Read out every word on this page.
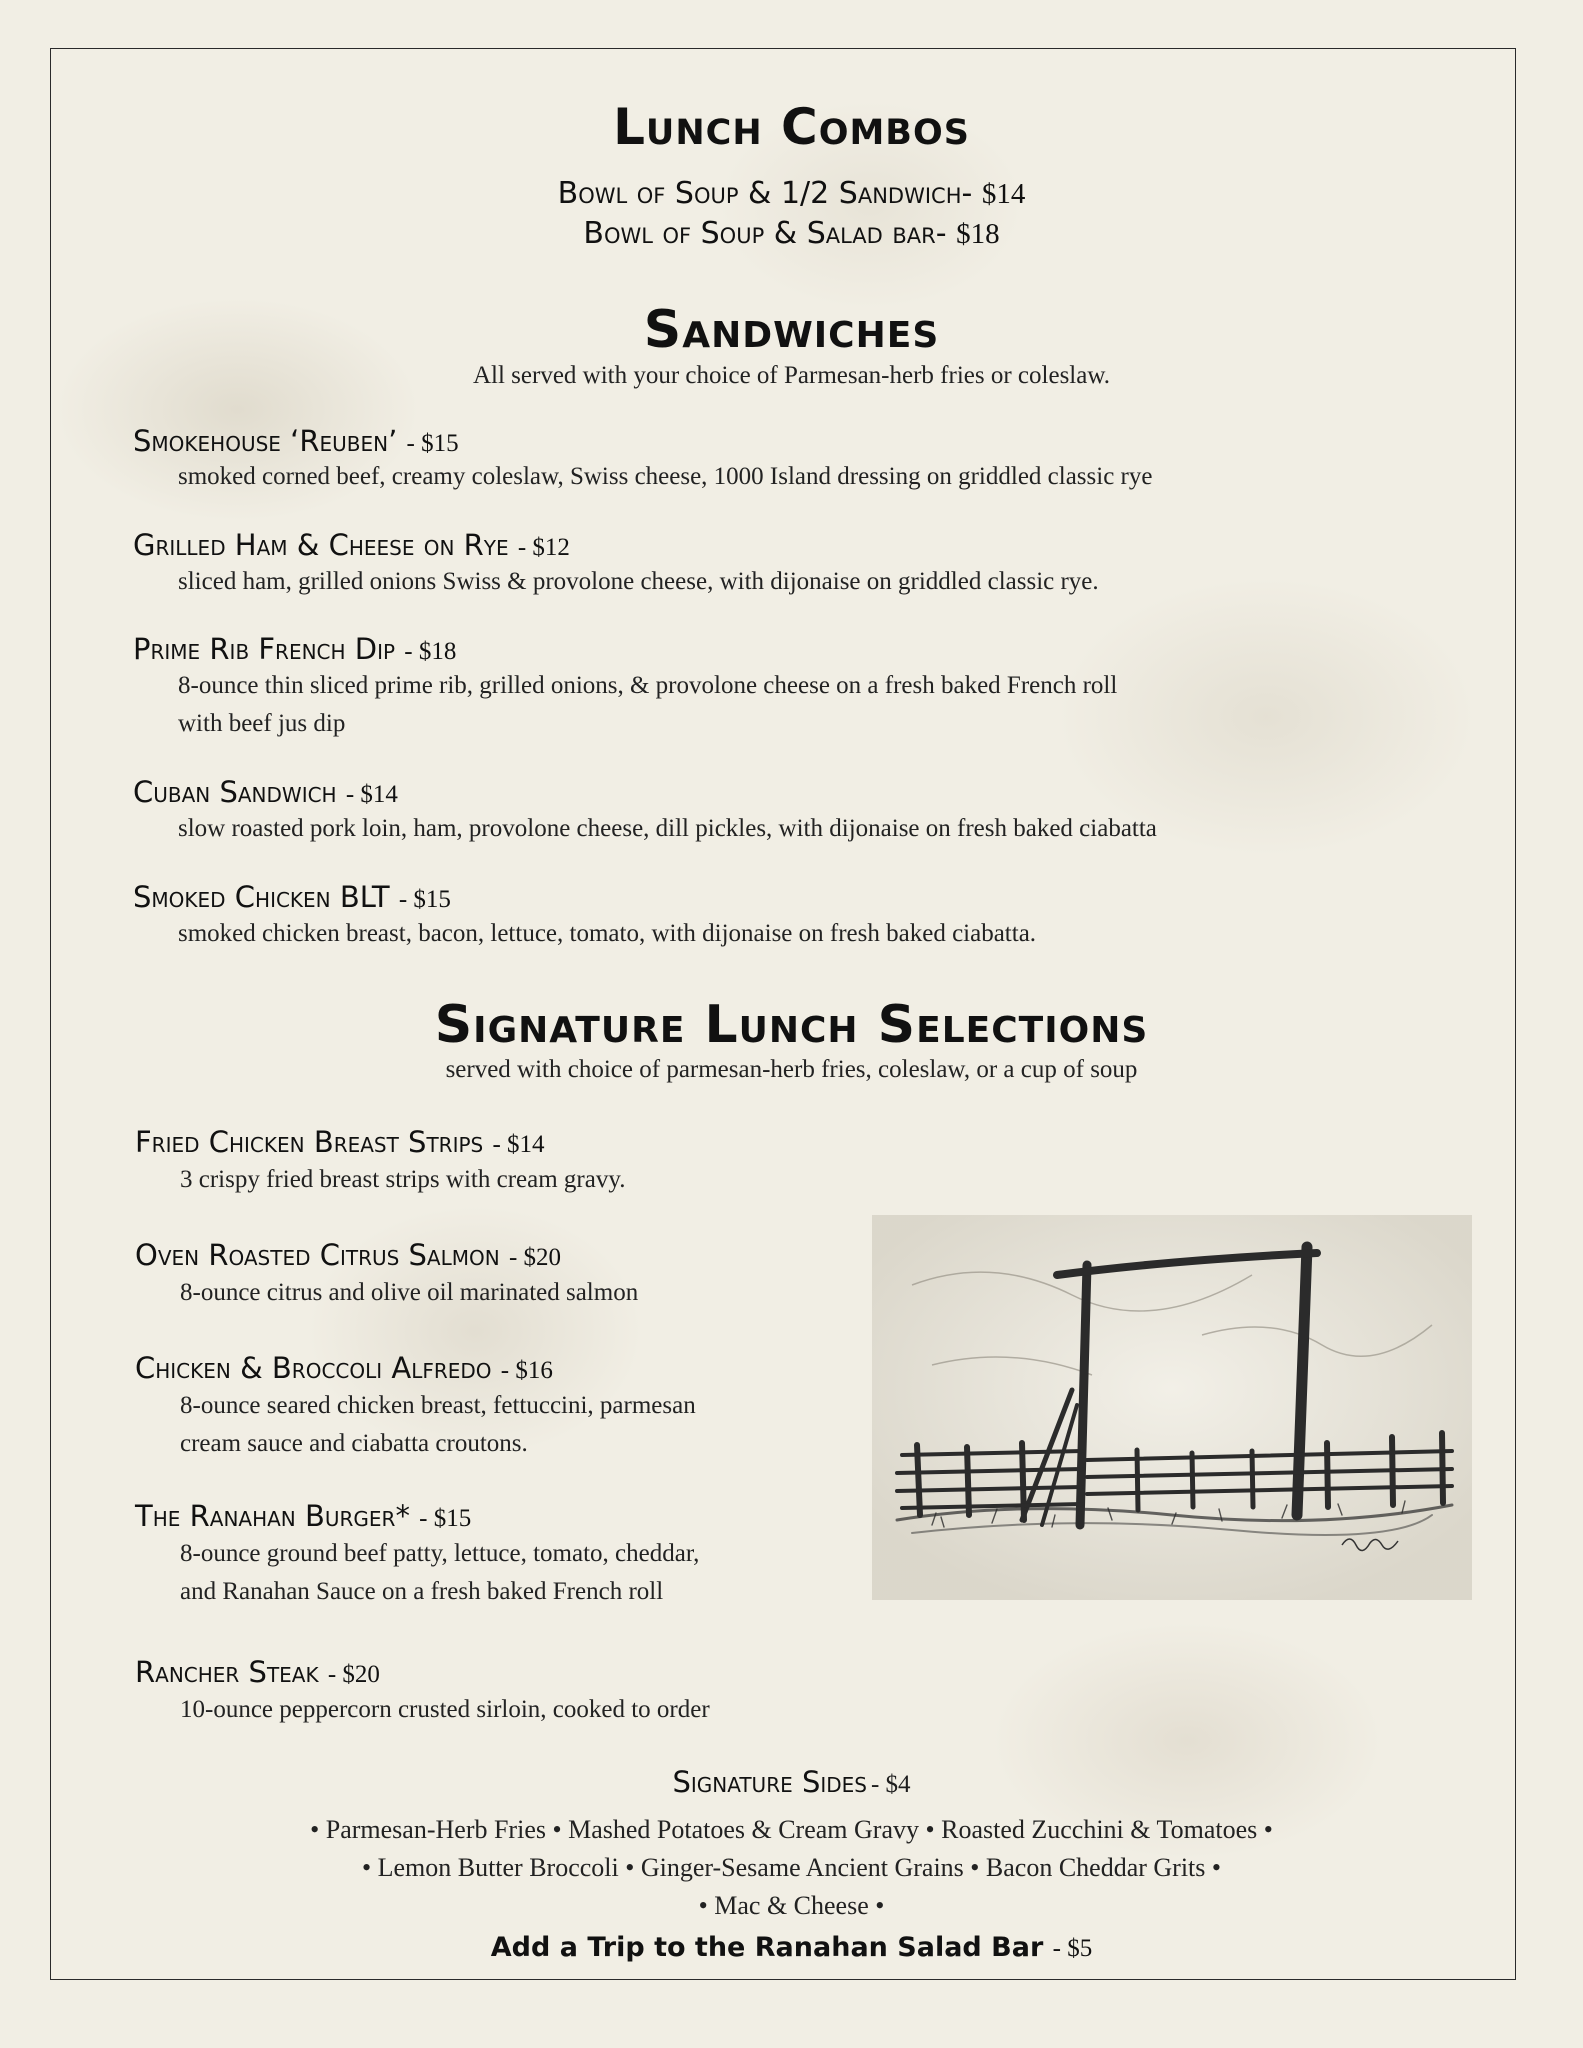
Lunch Combos
Bowl of Soup & 1/2 Sandwich- $14
Bowl of Soup & Salad bar- $18
Sandwiches
All served with your choice of Parmesan-herb fries or coleslaw.
Smokehouse ‘Reuben’ - $15
smoked corned beef, creamy coleslaw, Swiss cheese, 1000 Island dressing on griddled classic rye
Grilled Ham & Cheese on Rye - $12
sliced ham, grilled onions Swiss & provolone cheese, with dijonaise on griddled classic rye.
Prime Rib French Dip - $18
8-ounce thin sliced prime rib, grilled onions, & provolone cheese on a fresh baked French roll
with beef jus dip
Cuban Sandwich - $14
slow roasted pork loin, ham, provolone cheese, dill pickles, with dijonaise on fresh baked ciabatta
Smoked Chicken BLT - $15
smoked chicken breast, bacon, lettuce, tomato, with dijonaise on fresh baked ciabatta.
Signature Lunch Selections
served with choice of parmesan-herb fries, coleslaw, or a cup of soup
Fried Chicken Breast Strips - $14
3 crispy fried breast strips with cream gravy.
Oven Roasted Citrus Salmon - $20
8-ounce citrus and olive oil marinated salmon
Chicken & Broccoli Alfredo - $16
8-ounce seared chicken breast, fettuccini, parmesan
cream sauce and ciabatta croutons.
The Ranahan Burger* - $15
8-ounce ground beef patty, lettuce, tomato, cheddar,
and Ranahan Sauce on a fresh baked French roll
Rancher Steak - $20
10-ounce peppercorn crusted sirloin, cooked to order
Signature Sides - $4
• Parmesan-Herb Fries • Mashed Potatoes & Cream Gravy • Roasted Zucchini & Tomatoes •
• Lemon Butter Broccoli • Ginger-Sesame Ancient Grains • Bacon Cheddar Grits •
• Mac & Cheese •
Add a Trip to the Ranahan Salad Bar - $5
